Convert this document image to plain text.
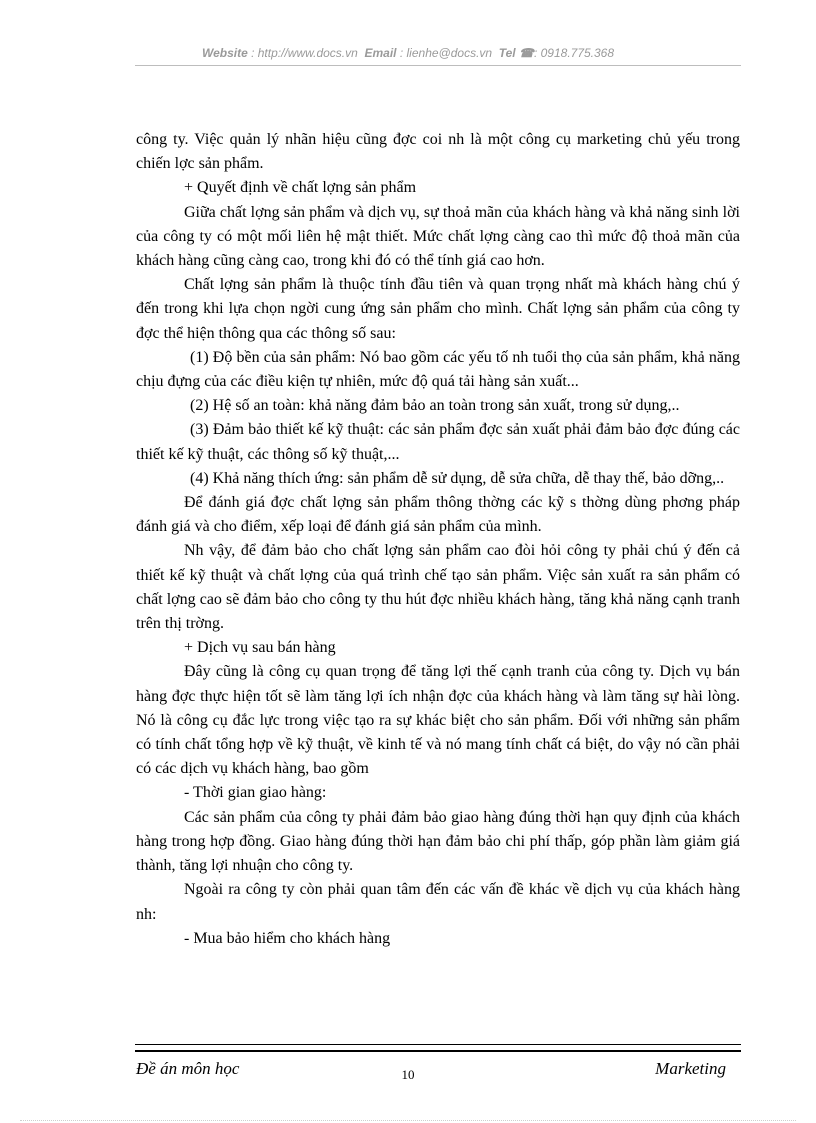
Website : http://www.docs.vn Email : lienhe@docs.vn Tel ☎: 0918.775.368

công ty. Việc quản lý nhãn hiệu cũng đợc coi nh là một công cụ marketing chủ yếu trong chiến lợc sản phẩm.

+ Quyết định về chất lợng sản phẩm

Giữa chất lợng sản phẩm và dịch vụ, sự thoả mãn của khách hàng và khả năng sinh lời của công ty có một mối liên hệ mật thiết. Mức chất lợng càng cao thì mức độ thoả mãn của khách hàng cũng càng cao, trong khi đó có thể tính giá cao hơn.

Chất lợng sản phẩm là thuộc tính đầu tiên và quan trọng nhất mà khách hàng chú ý đến trong khi lựa chọn ngời cung ứng sản phẩm cho mình. Chất lợng sản phẩm của công ty đợc thể hiện thông qua các thông số sau:

(1) Độ bền của sản phẩm: Nó bao gồm các yếu tố nh tuổi thọ của sản phẩm, khả năng chịu đựng của các điều kiện tự nhiên, mức độ quá tải hàng sản xuất...

(2) Hệ số an toàn: khả năng đảm bảo an toàn trong sản xuất, trong sử dụng,..

(3) Đảm bảo thiết kế kỹ thuật: các sản phẩm đợc sản xuất phải đảm bảo đợc đúng các thiết kế kỹ thuật, các thông số kỹ thuật,...

(4) Khả năng thích ứng: sản phẩm dễ sử dụng, dễ sửa chữa, dễ thay thế, bảo dỡng,..

Để đánh giá đợc chất lợng sản phẩm thông thờng các kỹ s thờng dùng phơng pháp đánh giá và cho điểm, xếp loại để đánh giá sản phẩm của mình.

Nh vậy, để đảm bảo cho chất lợng sản phẩm cao đòi hỏi công ty phải chú ý đến cả thiết kế kỹ thuật và chất lợng của quá trình chế tạo sản phẩm. Việc sản xuất ra sản phẩm có chất lợng cao sẽ đảm bảo cho công ty thu hút đợc nhiều khách hàng, tăng khả năng cạnh tranh trên thị trờng.

+ Dịch vụ sau bán hàng

Đây cũng là công cụ quan trọng để tăng lợi thế cạnh tranh của công ty. Dịch vụ bán hàng đợc thực hiện tốt sẽ làm tăng lợi ích nhận đợc của khách hàng và làm tăng sự hài lòng. Nó là công cụ đắc lực trong việc tạo ra sự khác biệt cho sản phẩm. Đối với những sản phẩm có tính chất tổng hợp về kỹ thuật, về kinh tế và nó mang tính chất cá biệt, do vậy nó cần phải có các dịch vụ khách hàng, bao gồm

- Thời gian giao hàng:

Các sản phẩm của công ty phải đảm bảo giao hàng đúng thời hạn quy định của khách hàng trong hợp đồng. Giao hàng đúng thời hạn đảm bảo chi phí thấp, góp phần làm giảm giá thành, tăng lợi nhuận cho công ty.

Ngoài ra công ty còn phải quan tâm đến các vấn đề khác về dịch vụ của khách hàng nh:

- Mua bảo hiểm cho khách hàng

Đề án môn học	10	Marketing
